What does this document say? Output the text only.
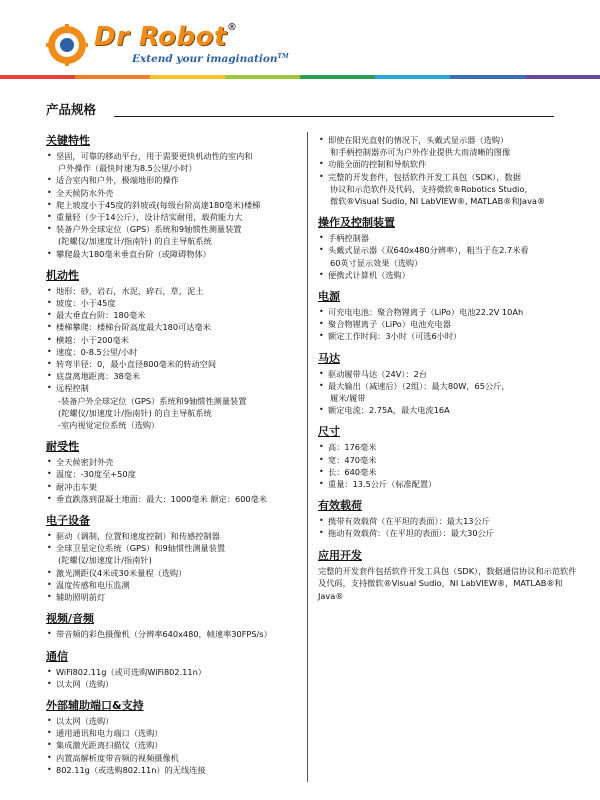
Dr Robot®
Extend your imagination™
产品规格
关键特性
• 坚固，可靠的移动平台，用于需要更快机动性的室内和
户外操作（最快时速为8.5公里/小时）
• 适合室内和户外，极端地形的操作
• 全天候防水外壳
• 爬上坡度小于45度的斜坡或(每级台阶高達180毫米)楼梯
• 重量轻（少于14公斤），设计结实耐用，载荷能力大
• 装备户外全球定位（GPS）系统和9轴惯性测量装置
(陀螺仪/加速度计/指南针) 的自主导航系统
• 攀爬最大180毫米垂直台阶（或障碍物体）
机动性
• 地形：砂，岩石，水泥，碎石，草，泥土
• 坡度：小于45度
• 最大垂直台阶：180毫米
• 楼梯攀爬：楼梯台阶高度最大180可达毫米
• 横越：小于200毫米
• 速度：0-8.5公里/小时
• 转弯半径：0，最小直径800毫米的转动空间
• 底盘离地距离：38毫米
• 远程控制
-装备户外全球定位（GPS）系统和9轴惯性测量装置
(陀螺仪/加速度计/指南针) 的自主导航系统
-室内视觉定位系统（选购）
耐受性
• 全天候密封外壳
• 温度：-30度至+50度
• 耐冲击车架
• 垂直跌落到混凝土地面：最大：1000毫米 额定：600毫米
电子设备
• 驱动（调制，位置和速度控制）和传感控制器
• 全球卫星定位系统（GPS）和9轴惯性测量装置
(陀螺仪/加速度计/指南针)
• 激光测距仪4米或30米量程（选购）
• 温度传感和电压监测
• 辅助照明前灯
视频/音频
• 带音频的彩色摄像机（分辨率640x480，帧速率30FPS/s）
通信
• WiFi802.11g（或可选购WiFi802.11n）
• 以太网（选购）
外部辅助端口&支持
• 以太网（选购）
• 通用通讯和电力端口（选购）
• 集成激光距离扫描仪（选购）
• 内置高解析度带音频的视频摄像机
• 802.11g（或选购802.11n）的无线连接
• 即使在阳光直射的情况下，头戴式显示器（选购）
和手柄控制器亦可为户外作业提供大而清晰的图像
• 功能全面的控制和导航软件
• 完整的开发套件，包括软件开发工具包（SDK），数据
协议和示范软件及代码，支持微软®Robotics Studio,
微软®Visual Sudio, NI LabVIEW®, MATLAB®和Java®
操作及控制装置
• 手柄控制器
• 头戴式显示器（双640x480分辨率），粗当于在2.7米看
60英寸显示效果（选购）
• 便携式计算机（选购）
电源
• 可充电电池：聚合物锂离子（LiPo）电池22.2V 10Ah
• 聚合物锂离子（LiPo）电池充电器
• 额定工作时间：3小时（可选6小时）
马达
• 驱动履带马达（24V）：2台
• 最大输出（减速后）（2组）：最大80W，65公斤，
履米/履带
• 额定电流：2.75A，最大电流16A
尺寸
• 高：176毫米
• 宽：470毫米
• 长：640毫米
• 重量：13.5公斤（标准配置）
有效载荷
• 携带有效载荷（在平坦的表面）：最大13公斤
• 拖动有效载荷：（在平坦的表面）：最大30公斤
应用开发
完整的开发套件包括软件开发工具包（SDK），数据通信协议和示范软件及代码，支持微软®Visual Sudio，NI LabVIEW®，MATLAB®和Java®
